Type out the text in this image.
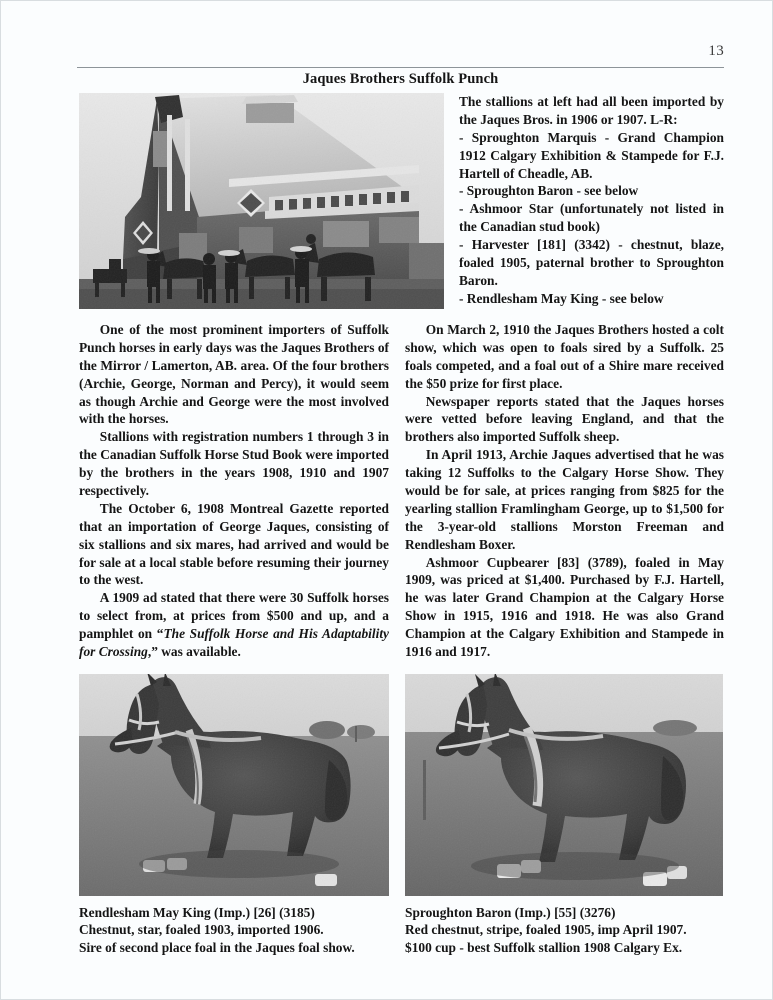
13
Jaques Brothers Suffolk Punch

The stallions at left had all been imported by the Jaques Bros. in 1906 or 1907. L-R:

- Sproughton Marquis - Grand Champion 1912 Calgary Exhibition & Stampede for F.J. Hartell of Cheadle, AB.

- Sproughton Baron - see below

- Ashmoor Star (unfortunately not listed in the Canadian stud book)

- Harvester [181] (3342) - chestnut, blaze, foaled 1905, paternal brother to Sproughton Baron.

- Rendlesham May King - see below

One of the most prominent importers of Suffolk Punch horses in early days was the Jaques Brothers of the Mirror / Lamerton, AB. area. Of the four brothers (Archie, George, Norman and Percy), it would seem as though Archie and George were the most involved with the horses.

Stallions with registration numbers 1 through 3 in the Canadian Suffolk Horse Stud Book were imported by the brothers in the years 1908, 1910 and 1907 respectively.

The October 6, 1908 Montreal Gazette reported that an importation of George Jaques, consisting of six stallions and six mares, had arrived and would be for sale at a local stable before resuming their journey to the west.

A 1909 ad stated that there were 30 Suffolk horses to select from, at prices from $500 and up, and a pamphlet on “The Suffolk Horse and His Adaptability for Crossing,” was available.

On March 2, 1910 the Jaques Brothers hosted a colt show, which was open to foals sired by a Suffolk. 25 foals competed, and a foal out of a Shire mare received the $50 prize for first place.

Newspaper reports stated that the Jaques horses were vetted before leaving England, and that the brothers also imported Suffolk sheep.

In April 1913, Archie Jaques advertised that he was taking 12 Suffolks to the Calgary Horse Show. They would be for sale, at prices ranging from $825 for the yearling stallion Framlingham George, up to $1,500 for the 3-year-old stallions Morston Freeman and Rendlesham Boxer.

Ashmoor Cupbearer [83] (3789), foaled in May 1909, was priced at $1,400. Purchased by F.J. Hartell, he was later Grand Champion at the Calgary Horse Show in 1915, 1916 and 1918. He was also Grand Champion at the Calgary Exhibition and Stampede in 1916 and 1917.

Rendlesham May King (Imp.) [26] (3185)
Chestnut, star, foaled 1903, imported 1906.
Sire of second place foal in the Jaques foal show.
Sproughton Baron (Imp.) [55] (3276)
Red chestnut, stripe, foaled 1905, imp April 1907.
$100 cup - best Suffolk stallion 1908 Calgary Ex.
